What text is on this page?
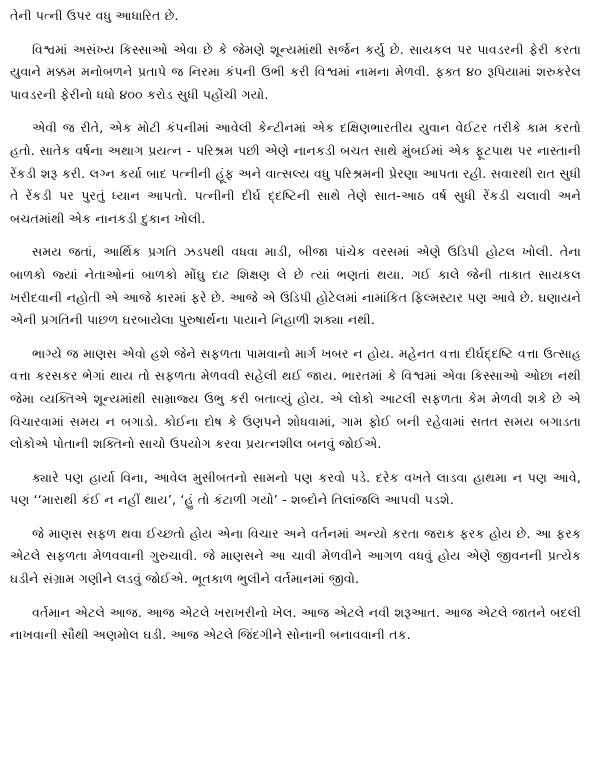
તેની પત્ની ઉપર વધુ આધારિત છે.

વિશ્વમાં અસંખ્ય કિસ્સાઓ એવા છે કે જેમણે શૂન્યમાંથી સર્જન કર્યુ છે. સાયકલ પર પાવડરની ફેરી કરતા યુવાને મક્કમ મનોબળને પ્રતાપે જ નિરમા કંપની ઉભી કરી વિશ્વમાં નામના મેળવી. ફક્ત ૪૦ રૂપિયામાં શરુકરેલ પાવડરની ફેરીનો ધધો ૪૦૦ કરોડ સુધી પહોંચી ગયો.

એવી જ રીતે, એક મોટી કંપનીમાં આવેલી કેન્ટીનમાં એક દક્ષિણભારતીય યુવાન વેઈટર તરીકે કામ કરતો હતો. સાતેક વર્ષના અથાગ પ્રયત્ન - પરિશ્રમ પછી એણે નાનકડી બચત સાથે મુંબઈમાં એક ફૂટપાથ પર નાસ્તાની રેંકડી શરૂ કરી. લગ્ન કર્યા બાદ પત્નીની હૂંફ અને વાત્સલ્ય વધુ પરિશ્રમની પ્રેરણા આપતા રહી. સવારથી રાત સુધી તે રેંકડી પર પુરતું ધ્યાન આપતો. પત્નીની દીર્ઘ દ્દષ્ટિની સાથે તેણે સાત-આઠ વર્ષ સુધી રેંકડી ચલાવી અને બચતમાંથી એક નાનકડી દુકાન ખોલી.

સમય જતાં, આર્થિક પ્રગતિ ઝડપથી વધવા માડી, બીજા પાંચેક વરસમાં એણે ઉડિપી હોટલ ખોલી. તેના બાળકો જ્યાં નેતાઓનાં બાળકો મોંઘુ દાટ શિક્ષણ લે છે ત્યાં ભણતાં થયા. ગઈ કાલે જેની તાકાત સાયકલ ખરીદવાની નહોતી એ આજે કારમાં ફરે છે. આજે એ ઉડિપી હોટેલમાં નામાંકિત ફિલ્મસ્ટાર પણ આવે છે. ઘણાયને એની પ્રગતિની પાછળ ઘરબાયેલા પુરુષાર્થના પાયાને નિહાળી શક્યા નથી.

ભાગ્યે જ માણસ એવો હશે જેને સફળતા પામવાનો માર્ગ ખબર ન હોય. મહેનત વત્તા દીર્ઘદ્દષ્ટિ વત્તા ઉત્સાહ વત્તા કરસકર ભેગાં થાય તો સફળતા મેળવવી સહેલી થઈ જાય. ભારતમાં કે વિશ્વમાં એવા કિસ્સાઓ ઓછા નથી જેમા વ્યક્તિએ શૂન્યમાંથી સામ્રાજ્ય ઉભુ કરી બતાવ્યું હોય. એ લોકો આટલી સફળતા કેમ મેળવી શકે છે એ વિચારવામાં સમય ન બગાડો. કોઈના દોષ કે ઉણપને શોધવામાં, ગામ ફોઈ બની રહેવામાં સતત સમય બગાડતા લોકોએ પોતાની શક્તિનો સાચો ઉપયોગ કરવા પ્રયત્નશીલ બનવું જોઈએ.

ક્યારે પણ હાર્યા વિના, આવેલ મુસીબતનો સામનો પણ કરવો પડે. દરેક વખતે લાડવા હાથમા ન પણ આવે, પણ ‘‘મારાથી કંઈ ન નહીં થાય’, ‘હું તો કંટાળી ગયો’ - શબ્દોને તિલાંજલિ આપવી પડશે.

જે માણસ સફળ થવા ઈચ્છતો હોય એના વિચાર અને વર્તનમાં અન્યો કરતા જરાક ફરક હોય છે. આ ફરક એટલે સફળતા મેળવવાની ગુરુચાવી. જે માણસને આ ચાવી મેળવીને આગળ વધવું હોય એણે જીવનની પ્રત્યેક ઘડીને સંગ્રામ ગણીને લડવું જોઈએ. ભૂતકાળ ભુલીને વર્તમાનમાં જીવો.

વર્તમાન એટલે આજ. આજ એટલે ખરાખરીનો ખેલ. આજ એટલે નવી શરૂઆત. આજ એટલે જાતને બદલી નાખવાની સૌથી અણમોલ ઘડી. આજ એટલે જિંદગીને સોનાની બનાવવાની તક.
